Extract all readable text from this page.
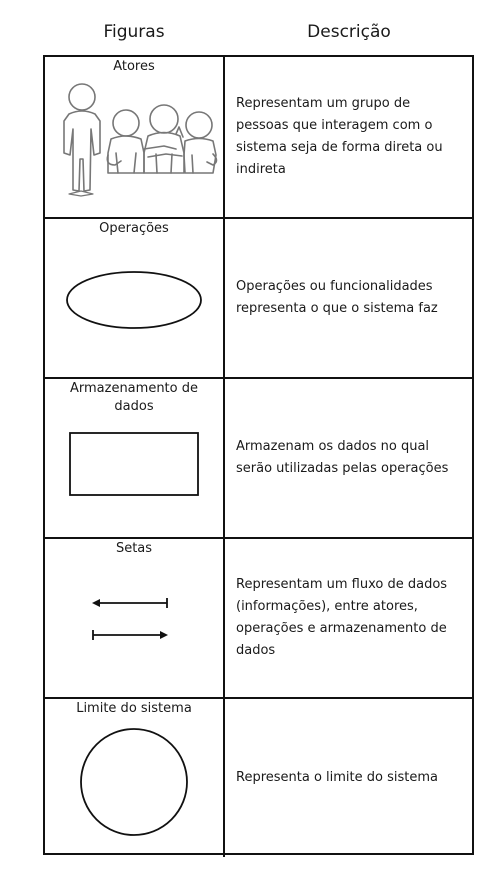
Figuras	Descrição
Atores
Representam um grupo de pessoas que interagem com o sistema seja de forma direta ou indireta
Operações
Operações ou funcionalidades representa o que o sistema faz
Armazenamento de dados
Armazenam os dados no qual serão utilizadas pelas operações
Setas
Representam um fluxo de dados (informações), entre atores, operações e armazenamento de dados
Limite do sistema
Representa o limite do sistema
